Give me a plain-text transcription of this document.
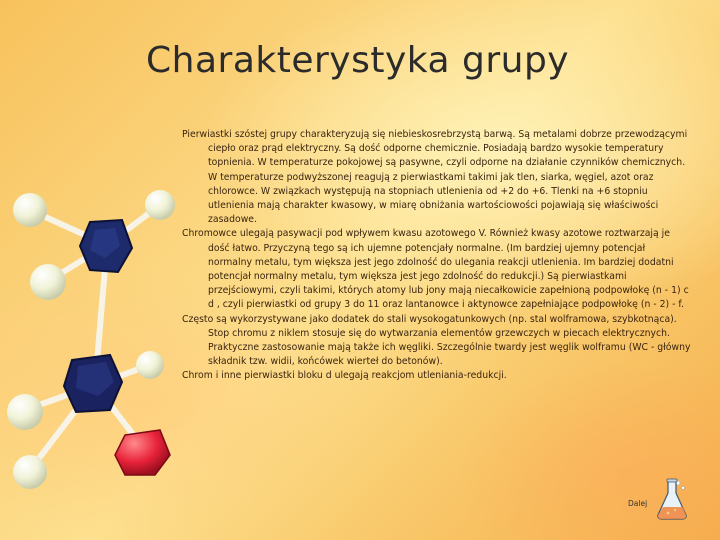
Charakterystyka grupy

Pierwiastki szóstej grupy charakteryzują się niebieskosrebrzystą barwą. Są metalami dobrze przewodzącymi ciepło oraz prąd elektryczny. Są dość odporne chemicznie. Posiadają bardzo wysokie temperatury topnienia. W temperaturze pokojowej są pasywne, czyli odporne na działanie czynników chemicznych. W temperaturze podwyższonej reagują z pierwiastkami takimi jak tlen, siarka, węgiel, azot oraz chlorowce. W związkach występują na stopniach utlenienia od +2 do +6. Tlenki na +6 stopniu utlenienia mają charakter kwasowy, w miarę obniżania wartościowości pojawiają się właściwości zasadowe.

Chromowce ulegają pasywacji pod wpływem kwasu azotowego V. Również kwasy azotowe roztwarzają je dość łatwo. Przyczyną tego są ich ujemne potencjały normalne. (Im bardziej ujemny potencjał normalny metalu, tym większa jest jego zdolność do ulegania reakcji utlenienia. Im bardziej dodatni potencjał normalny metalu, tym większa jest jego zdolność do redukcji.) Są pierwiastkami przejściowymi, czyli takimi, których atomy lub jony mają niecałkowicie zapełnioną podpowłokę (n - 1) c d , czyli pierwiastki od grupy 3 do 11 oraz lantanowce i aktynowce zapełniające podpowłokę (n - 2) - f.

Często są wykorzystywane jako dodatek do stali wysokogatunkowych (np. stal wolframowa, szybkotnąca). Stop chromu z niklem stosuje się do wytwarzania elementów grzewczych w piecach elektrycznych. Praktyczne zastosowanie mają także ich węgliki. Szczególnie twardy jest węglik wolframu (WC - główny składnik tzw. widii, końcówek wierteł do betonów).

Chrom i inne pierwiastki bloku d ulegają reakcjom utleniania-redukcji.

Dalej
